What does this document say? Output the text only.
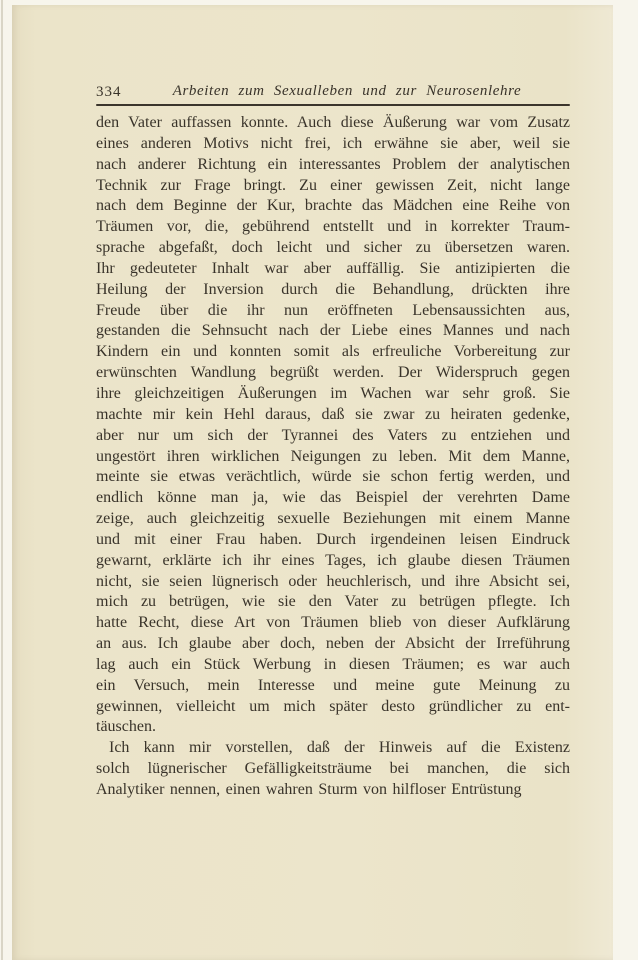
334	Arbeiten zum Sexualleben und zur Neurosenlehre
den Vater auffassen konnte. Auch diese Äußerung war vom Zusatz
eines anderen Motivs nicht frei, ich erwähne sie aber, weil sie
nach anderer Richtung ein interessantes Problem der analytischen
Technik zur Frage bringt. Zu einer gewissen Zeit, nicht lange
nach dem Beginne der Kur, brachte das Mädchen eine Reihe von
Träumen vor, die, gebührend entstellt und in korrekter Traum-
sprache abgefaßt, doch leicht und sicher zu übersetzen waren.
Ihr gedeuteter Inhalt war aber auffällig. Sie antizipierten die
Heilung der Inversion durch die Behandlung, drückten ihre
Freude über die ihr nun eröffneten Lebensaussichten aus,
gestanden die Sehnsucht nach der Liebe eines Mannes und nach
Kindern ein und konnten somit als erfreuliche Vorbereitung zur
erwünschten Wandlung begrüßt werden. Der Widerspruch gegen
ihre gleichzeitigen Äußerungen im Wachen war sehr groß. Sie
machte mir kein Hehl daraus, daß sie zwar zu heiraten gedenke,
aber nur um sich der Tyrannei des Vaters zu entziehen und
ungestört ihren wirklichen Neigungen zu leben. Mit dem Manne,
meinte sie etwas verächtlich, würde sie schon fertig werden, und
endlich könne man ja, wie das Beispiel der verehrten Dame
zeige, auch gleichzeitig sexuelle Beziehungen mit einem Manne
und mit einer Frau haben. Durch irgendeinen leisen Eindruck
gewarnt, erklärte ich ihr eines Tages, ich glaube diesen Träumen
nicht, sie seien lügnerisch oder heuchlerisch, und ihre Absicht sei,
mich zu betrügen, wie sie den Vater zu betrügen pflegte. Ich
hatte Recht, diese Art von Träumen blieb von dieser Aufklärung
an aus. Ich glaube aber doch, neben der Absicht der Irreführung
lag auch ein Stück Werbung in diesen Träumen; es war auch
ein Versuch, mein Interesse und meine gute Meinung zu
gewinnen, vielleicht um mich später desto gründlicher zu ent-
täuschen.
Ich kann mir vorstellen, daß der Hinweis auf die Existenz
solch lügnerischer Gefälligkeitsträume bei manchen, die sich
Analytiker nennen, einen wahren Sturm von hilfloser Entrüstung
